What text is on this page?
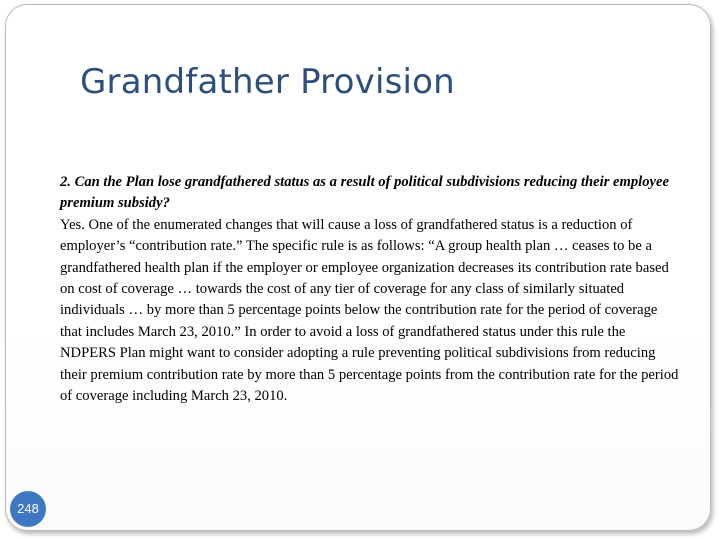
Grandfather Provision

2. Can the Plan lose grandfathered status as a result of political subdivisions reducing their employee premium subsidy?

Yes. One of the enumerated changes that will cause a loss of grandfathered status is a reduction of employer’s “contribution rate.” The specific rule is as follows: “A group health plan … ceases to be a grandfathered health plan if the employer or employee organization decreases its contribution rate based on cost of coverage … towards the cost of any tier of coverage for any class of similarly situated individuals … by more than 5 percentage points below the contribution rate for the period of coverage that includes March 23, 2010.” In order to avoid a loss of grandfathered status under this rule the NDPERS Plan might want to consider adopting a rule preventing political subdivisions from reducing their premium contribution rate by more than 5 percentage points from the contribution rate for the period of coverage including March 23, 2010.

248
